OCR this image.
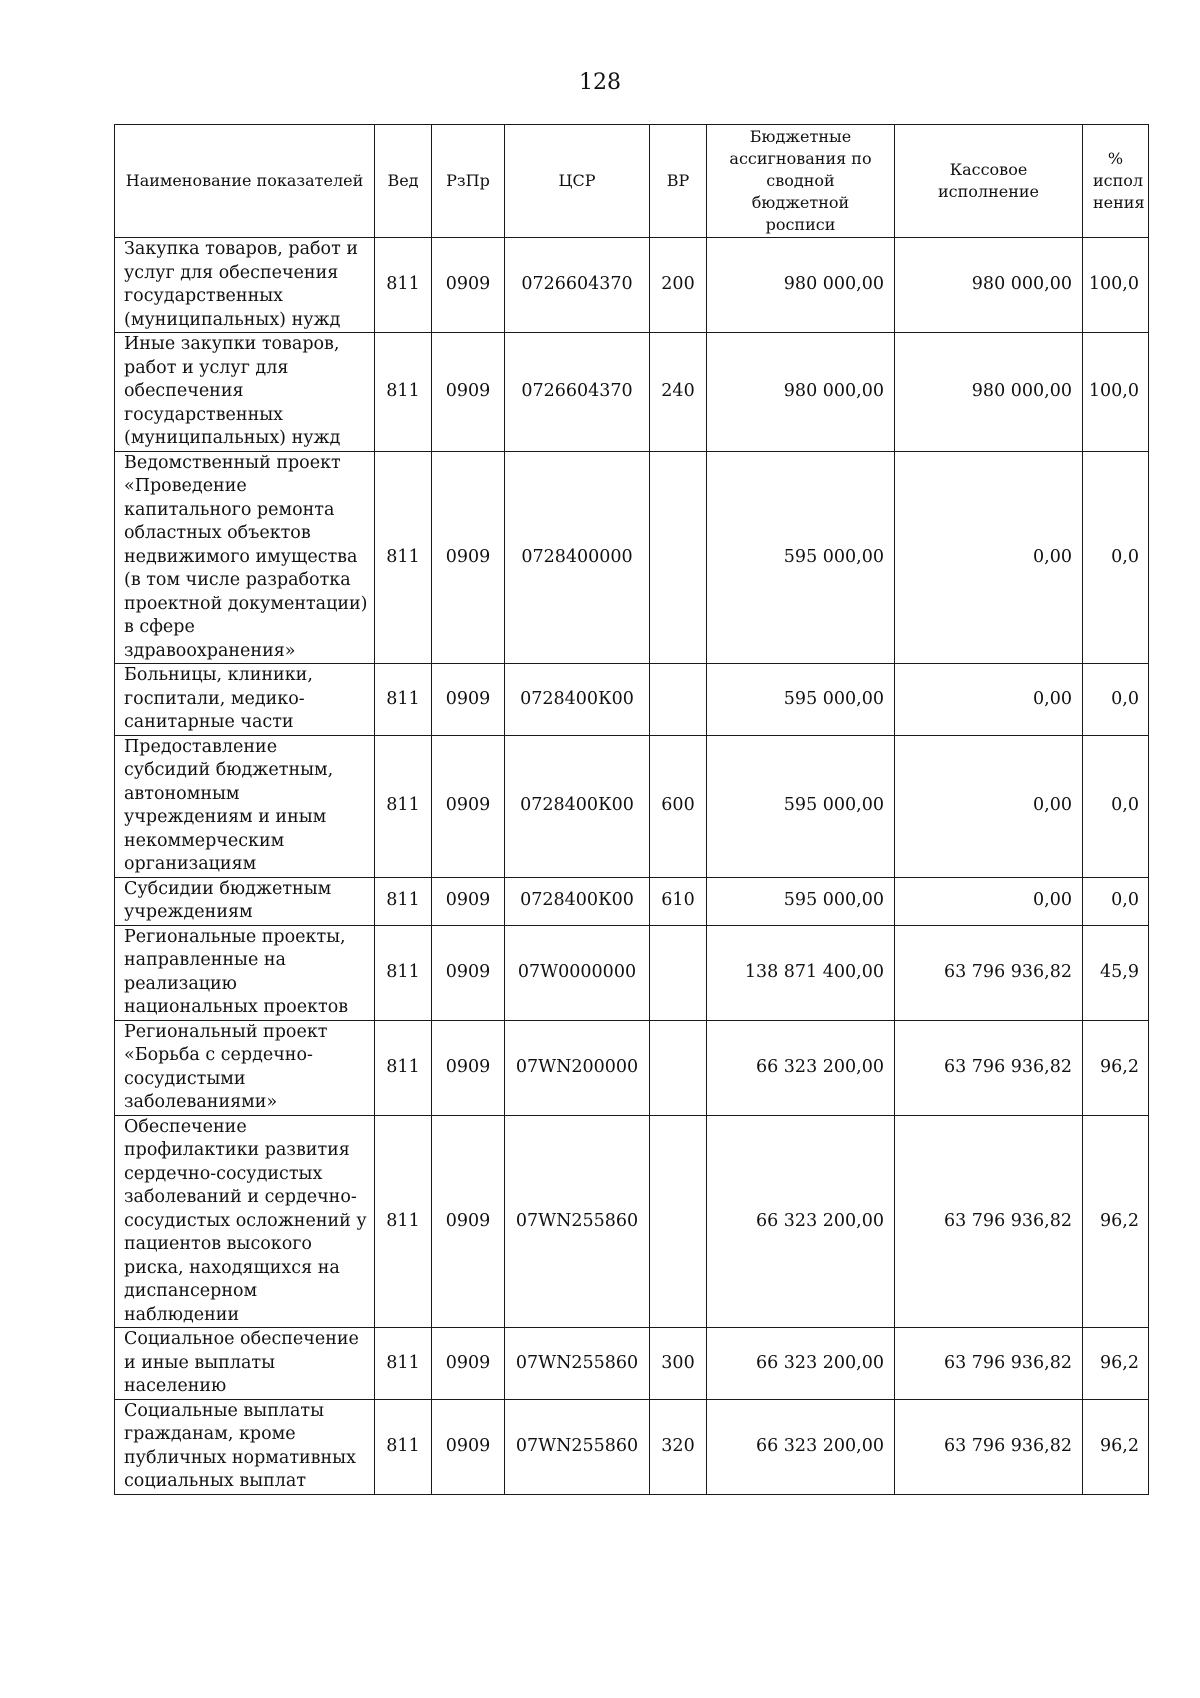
128
Наименование показателей	Вед	РзПр	ЦСР	ВР	Бюджетные ассигнования по сводной бюджетной росписи	Кассовое исполнение	% испол нения
Закупка товаров, работ и услуг для обеспечения государственных (муниципальных) нужд	811	0909	0726604370	200	980 000,00	980 000,00	100,0
Иные закупки товаров, работ и услуг для обеспечения государственных (муниципальных) нужд	811	0909	0726604370	240	980 000,00	980 000,00	100,0
Ведомственный проект «Проведение капитального ремонта областных объектов недвижимого имущества (в том числе разработка проектной документации) в сфере здравоохранения»	811	0909	0728400000		595 000,00	0,00	0,0
Больницы, клиники, госпитали, медико-санитарные части	811	0909	0728400К00		595 000,00	0,00	0,0
Предоставление субсидий бюджетным, автономным учреждениям и иным некоммерческим организациям	811	0909	0728400К00	600	595 000,00	0,00	0,0
Субсидии бюджетным учреждениям	811	0909	0728400К00	610	595 000,00	0,00	0,0
Региональные проекты, направленные на реализацию национальных проектов	811	0909	07W0000000		138 871 400,00	63 796 936,82	45,9
Региональный проект «Борьба с сердечно-сосудистыми заболеваниями»	811	0909	07WN200000		66 323 200,00	63 796 936,82	96,2
Обеспечение профилактики развития сердечно-сосудистых заболеваний и сердечно-сосудистых осложнений у пациентов высокого риска, находящихся на диспансерном наблюдении	811	0909	07WN255860		66 323 200,00	63 796 936,82	96,2
Социальное обеспечение и иные выплаты населению	811	0909	07WN255860	300	66 323 200,00	63 796 936,82	96,2
Социальные выплаты гражданам, кроме публичных нормативных социальных выплат	811	0909	07WN255860	320	66 323 200,00	63 796 936,82	96,2
